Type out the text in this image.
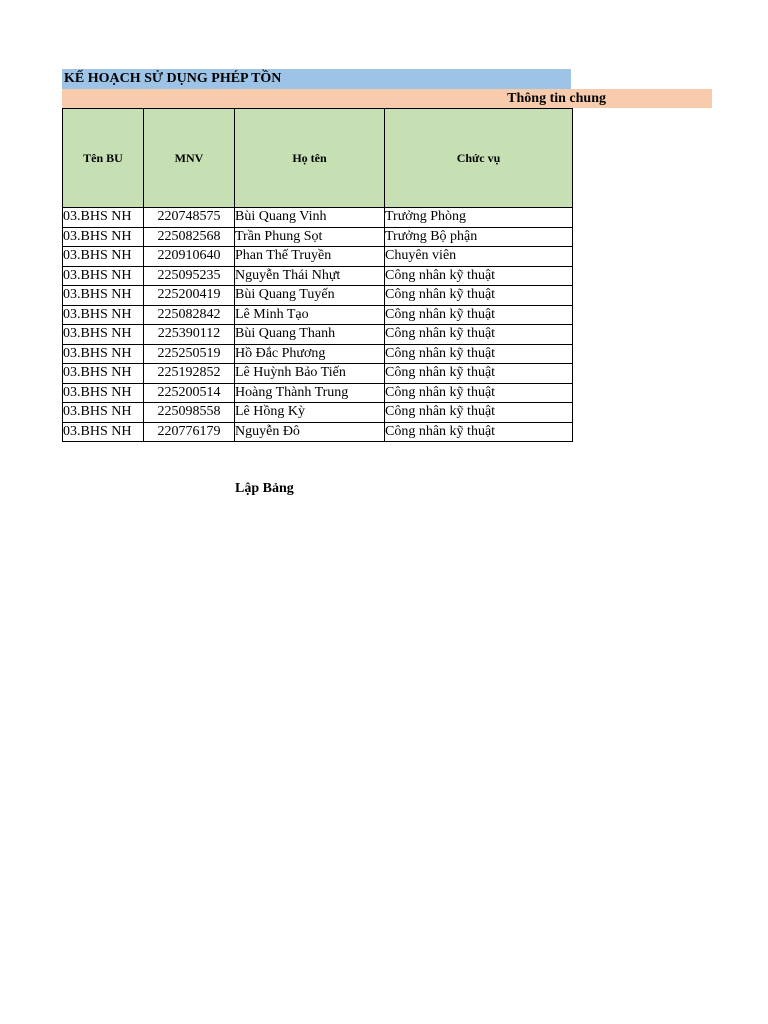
KẾ HOẠCH SỬ DỤNG PHÉP TỒN
Thông tin chung
Tên BU	MNV	Họ tên	Chức vụ
03.BHS NH	220748575	Bùi Quang Vinh	Trưởng Phòng
03.BHS NH	225082568	Trần Phung Sọt	Trưởng Bộ phận
03.BHS NH	220910640	Phan Thế Truyền	Chuyên viên
03.BHS NH	225095235	Nguyễn Thái Nhựt	Công nhân kỹ thuật
03.BHS NH	225200419	Bùi Quang Tuyến	Công nhân kỹ thuật
03.BHS NH	225082842	Lê Minh Tạo	Công nhân kỹ thuật
03.BHS NH	225390112	Bùi Quang Thanh	Công nhân kỹ thuật
03.BHS NH	225250519	Hồ Đắc Phương	Công nhân kỹ thuật
03.BHS NH	225192852	Lê Huỳnh Bảo Tiến	Công nhân kỹ thuật
03.BHS NH	225200514	Hoàng Thành Trung	Công nhân kỹ thuật
03.BHS NH	225098558	Lê Hồng Kỳ	Công nhân kỹ thuật
03.BHS NH	220776179	Nguyễn Đô	Công nhân kỹ thuật
Lập Bảng
